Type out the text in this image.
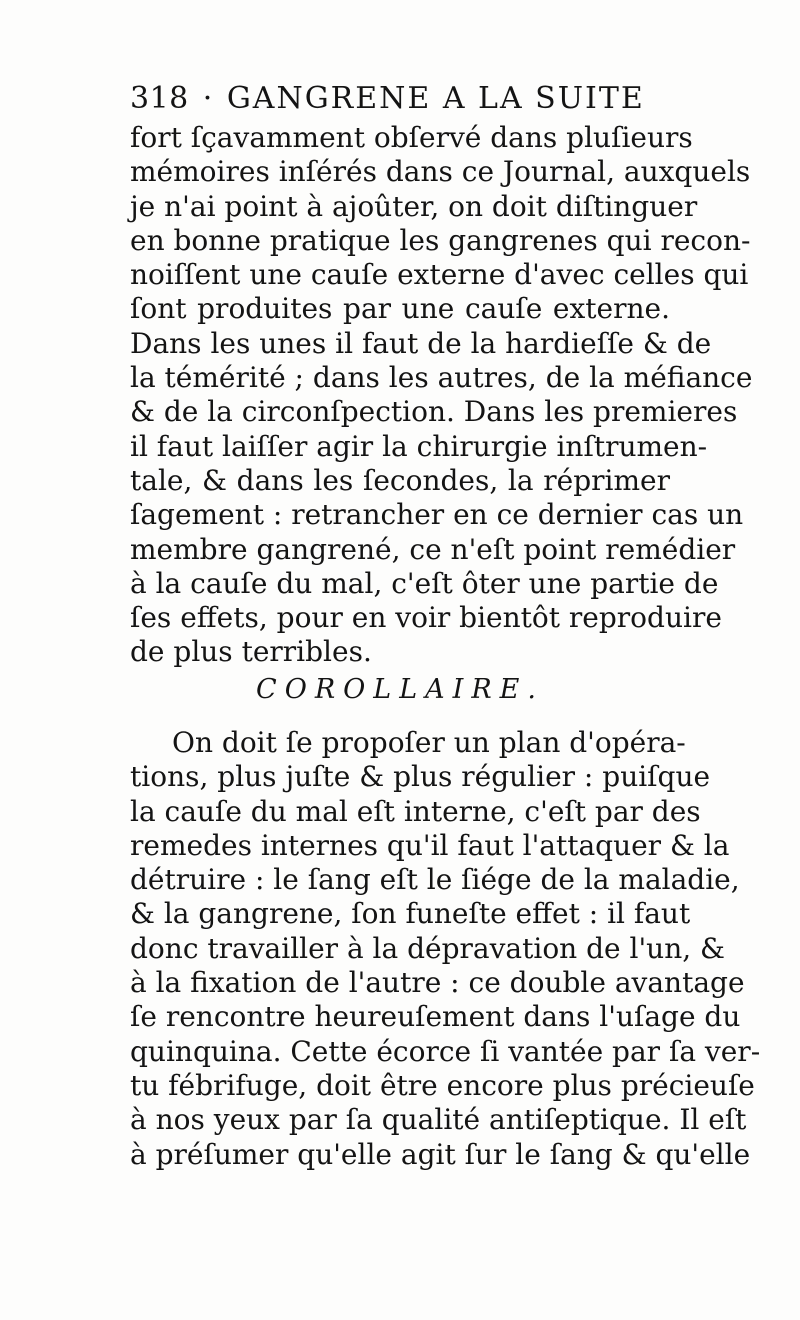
318 · GANGRENE A LA SUITE
fort ſçavamment obſervé dans pluſieurs
mémoires inſérés dans ce Journal, auxquels
je n'ai point à ajoûter, on doit diſtinguer
en bonne pratique les gangrenes qui recon-
noiſſent une cauſe externe d'avec celles qui
ſont produites par une cauſe externe.
Dans les unes il faut de la hardieſſe & de
la témérité ; dans les autres, de la méfiance
& de la circonſpection. Dans les premieres
il faut laiſſer agir la chirurgie inſtrumen-
tale, & dans les ſecondes, la réprimer
ſagement : retrancher en ce dernier cas un
membre gangrené, ce n'eſt point remédier
à la cauſe du mal, c'eſt ôter une partie de
ſes effets, pour en voir bientôt reproduire
de plus terribles.
COROLLAIRE.
On doit ſe propoſer un plan d'opéra-
tions, plus juſte & plus régulier : puiſque
la cauſe du mal eſt interne, c'eſt par des
remedes internes qu'il faut l'attaquer & la
détruire : le ſang eſt le ſiége de la maladie,
& la gangrene, ſon funeſte effet : il faut
donc travailler à la dépravation de l'un, &
à la fixation de l'autre : ce double avantage
ſe rencontre heureuſement dans l'uſage du
quinquina. Cette écorce ſi vantée par ſa ver-
tu fébrifuge, doit être encore plus précieuſe
à nos yeux par ſa qualité antiſeptique. Il eſt
à préſumer qu'elle agit ſur le ſang & qu'elle
